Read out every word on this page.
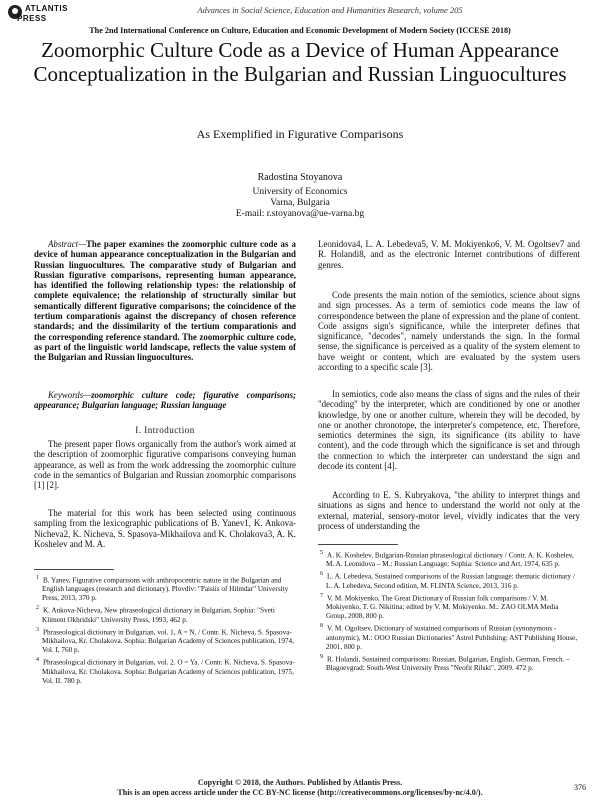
ATLANTIS
PRESS
Advances in Social Science, Education and Humanities Research, volume 205
The 2nd International Conference on Culture, Education and Economic Development of Modern Society (ICCESE 2018)
Zoomorphic Culture Code as a Device of Human Appearance Conceptualization in the Bulgarian and Russian Linguocultures
As Exemplified in Figurative Comparisons
Radostina Stoyanova
University of Economics
Varna, Bulgaria
E-mail: r.stoyanova@ue-varna.bg

Abstract—The paper examines the zoomorphic culture code as a device of human appearance conceptualization in the Bulgarian and Russian linguocultures. The comparative study of Bulgarian and Russian figurative comparisons, representing human appearance, has identified the following relationship types: the relationship of complete equivalence; the relationship of structurally similar but semantically different figurative comparisons; the coincidence of the tertium comparationis against the discrepancy of chosen reference standards; and the dissimilarity of the tertium comparationis and the corresponding reference standard. The zoomorphic culture code, as part of the linguistic world landscape, reflects the value system of the Bulgarian and Russian linguocultures.

Keywords—zoomorphic culture code; figurative comparisons; appearance; Bulgarian language; Russian language

I. Introduction

The present paper flows organically from the author's work aimed at the description of zoomorphic figurative comparisons conveying human appearance, as well as from the work addressing the zoomorphic culture code in the semantics of Bulgarian and Russian zoomorphic comparisons [1] [2].

The material for this work has been selected using continuous sampling from the lexicographic publications of B. Yanev1, K. Ankova-Nicheva2, K. Nicheva, S. Spasova-Mikhailova and K. Cholakova3, A. K. Koshelev and M. A.

$^1$ B. Yanev, Figurative comparisons with anthropocentric nature in the Bulgarian and English languages (research and dictionary). Plovdiv: "Paisiis of Hilmdar" University Press, 2013, 370 p.

$^2$ K. Ankova-Nicheva, New phraseological dictionary in Bulgarian, Sophia: "Sveti Kliment Okhridski" University Press, 1993, 462 p.

$^3$ Phraseological dictionary in Bulgarian, vol. 1, A = N. / Contr. K. Nicheva, S. Spasova-Mikhailova, Kr. Cholakova. Sophia: Bulgarian Academy of Sciences publication, 1974, Vol. I, 760 p.

$^4$ Phraseological dictionary in Bulgarian, vol. 2. O = Ya. / Contr. K. Nicheva, S. Spasova-Mikhailova, Kr. Cholakova. Sophia: Bulgarian Academy of Sciences publication, 1975, Vol. II. 780 p.

Leonidova4, L. A. Lebedeva5, V. M. Mokiyenko6, V. M. Ogoltsev7 and R. Holandi8, and as the electronic Internet contributions of different genres.

Code presents the main notion of the semiotics, science about signs and sign processes. As a term of semiotics code means the law of correspondence between the plane of expression and the plane of content. Code assigns sign's significance, while the interpreter defines that significance, "decodes", namely understands the sign. In the formal sense, the significance is perceived as a quality of the system element to have weight or content, which are evaluated by the system users according to a specific scale [3].

In semiotics, code also means the class of signs and the rules of their "decoding" by the interpreter, which are conditioned by one or another knowledge, by one or another culture, wherein they will be decoded, by one or another chronotope, the interpreter's competence, etc. Therefore, semiotics determines the sign, its significance (its ability to have content), and the code through which the significance is set and through the connection to which the interpreter can understand the sign and decode its content [4].

According to E. S. Kubryakova, "the ability to interpret things and situations as signs and hence to understand the world not only at the external, material, sensory-motor level, vividly indicates that the very process of understanding the

$^5$ A. K. Koshelev, Bulgarian-Russian phraseological dictionary / Contr. A. K. Koshelev, M. A. Leonidova – M.: Russian Language; Sophia: Science and Art, 1974, 635 p.

$^6$ L. A. Lebedeva, Sustained comparisons of the Russian language: thematic dictionary / L. A. Lebedeva, Second edition, M. FLINTA Science, 2013, 316 p.

$^7$ V. M. Mokiyenko, The Great Dictionary of Russian folk comparisons / V. M. Mokiyenko, T. G. Nikitina; edited by V. M. Mokiyenko. M.: ZAO OLMA Media Group, 2008, 800 p.

$^8$ V. M. Ogoltsev, Dictionary of sustained comparisons of Russian (synonymous -antonymic), M.: OOO Russian Dictionaries" Astrel Publishing: AST Publishing House, 2001, 800 p.

$^9$ R. Holandi, Sustained comparisons: Russian, Bulgarian, English, German, French. – Blagoevgrad: South-West University Press "Neofit Rilski", 2009. 472 p.

Copyright © 2018, the Authors. Published by Atlantis Press.
This is an open access article under the CC BY-NC license (http://creativecommons.org/licenses/by-nc/4.0/).
376
